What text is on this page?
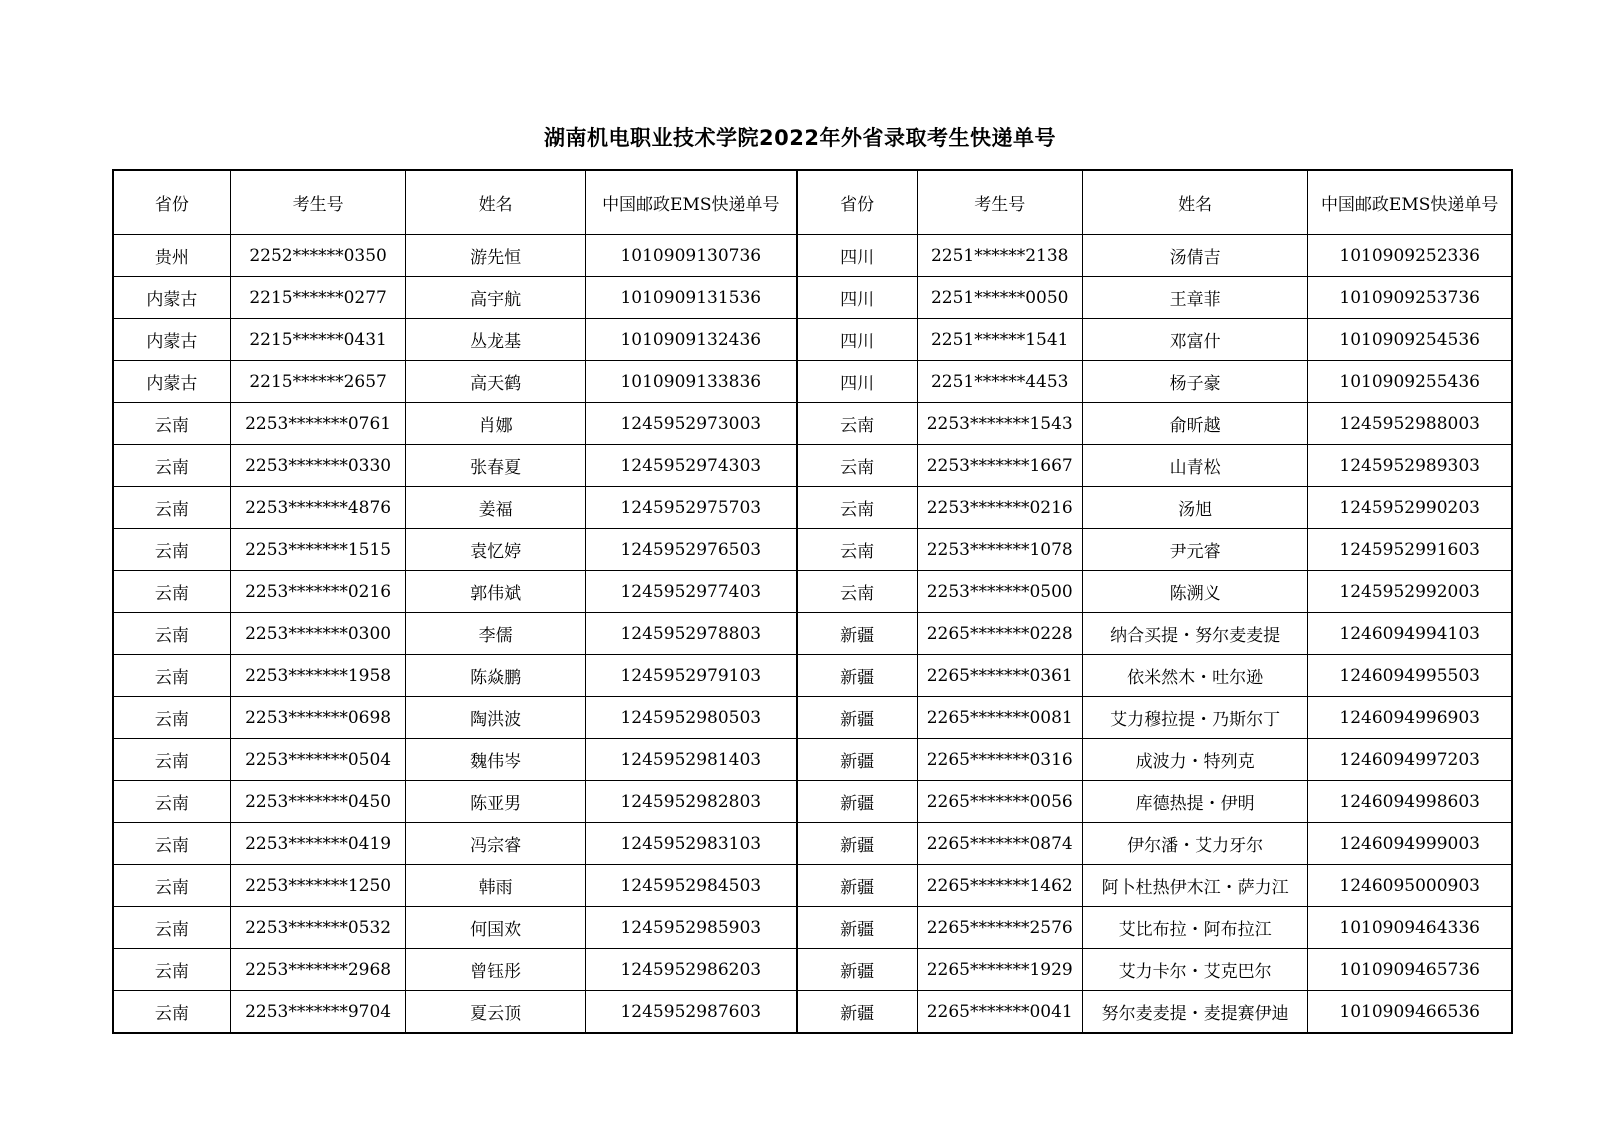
湖南机电职业技术学院2022年外省录取考生快递单号
省份	考生号	姓名	中国邮政EMS快递单号	省份	考生号	姓名	中国邮政EMS快递单号
贵州	2252******0350	游先恒	1010909130736	四川	2251******2138	汤倩吉	1010909252336
内蒙古	2215******0277	高宇航	1010909131536	四川	2251******0050	王章菲	1010909253736
内蒙古	2215******0431	丛龙基	1010909132436	四川	2251******1541	邓富什	1010909254536
内蒙古	2215******2657	高天鹤	1010909133836	四川	2251******4453	杨子豪	1010909255436
云南	2253*******0761	肖娜	1245952973003	云南	2253*******1543	俞昕越	1245952988003
云南	2253*******0330	张春夏	1245952974303	云南	2253*******1667	山青松	1245952989303
云南	2253*******4876	姜福	1245952975703	云南	2253*******0216	汤旭	1245952990203
云南	2253*******1515	袁忆婷	1245952976503	云南	2253*******1078	尹元睿	1245952991603
云南	2253*******0216	郭伟斌	1245952977403	云南	2253*******0500	陈溯义	1245952992003
云南	2253*******0300	李儒	1245952978803	新疆	2265*******0228	纳合买提・努尔麦麦提	1246094994103
云南	2253*******1958	陈焱鹏	1245952979103	新疆	2265*******0361	依米然木・吐尔逊	1246094995503
云南	2253*******0698	陶洪波	1245952980503	新疆	2265*******0081	艾力穆拉提・乃斯尔丁	1246094996903
云南	2253*******0504	魏伟岑	1245952981403	新疆	2265*******0316	成波力・特列克	1246094997203
云南	2253*******0450	陈亚男	1245952982803	新疆	2265*******0056	库德热提・伊明	1246094998603
云南	2253*******0419	冯宗睿	1245952983103	新疆	2265*******0874	伊尔潘・艾力牙尔	1246094999003
云南	2253*******1250	韩雨	1245952984503	新疆	2265*******1462	阿卜杜热伊木江・萨力江	1246095000903
云南	2253*******0532	何国欢	1245952985903	新疆	2265*******2576	艾比布拉・阿布拉江	1010909464336
云南	2253*******2968	曾钰彤	1245952986203	新疆	2265*******1929	艾力卡尔・艾克巴尔	1010909465736
云南	2253*******9704	夏云顶	1245952987603	新疆	2265*******0041	努尔麦麦提・麦提赛伊迪	1010909466536
